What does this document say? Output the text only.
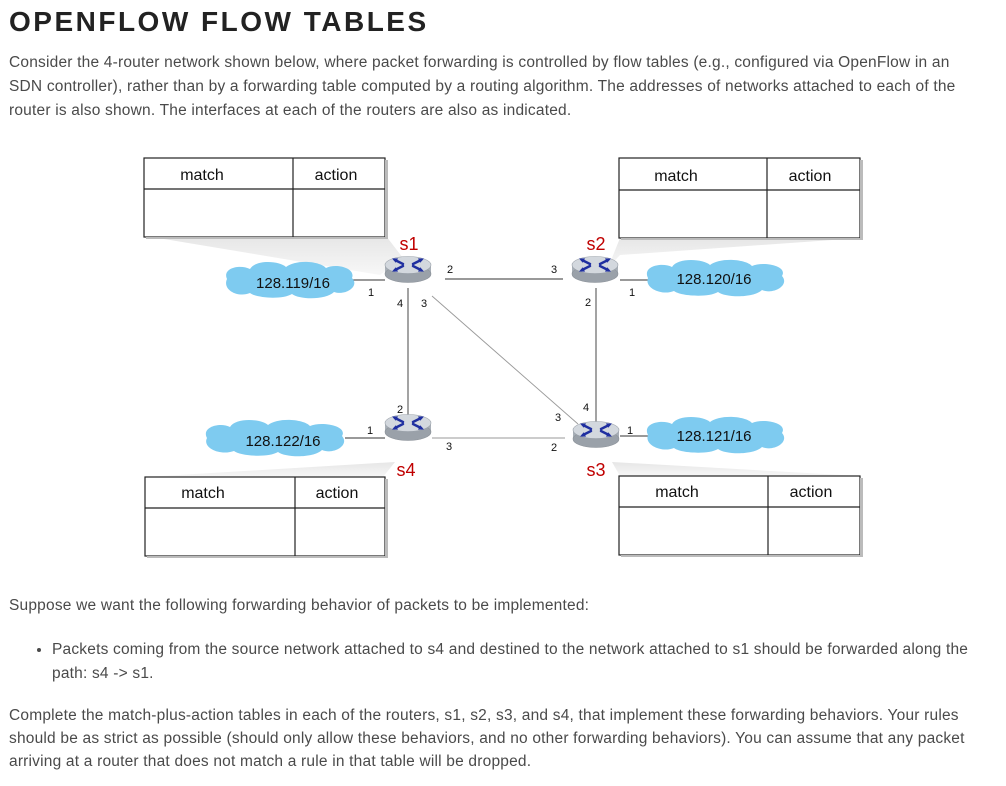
OPENFLOW FLOW TABLES

Consider the 4-router network shown below, where packet forwarding is controlled by flow tables (e.g., configured via OpenFlow in an SDN controller), rather than by a forwarding table computed by a routing algorithm. The addresses of networks attached to each of the router is also shown. The interfaces at each of the routers are also as indicated.

match	action	match	action
match	action	match	action
128.119/16	128.120/16
128.122/16	128.121/16
s1	s2
s4	s3
1
2
3
4
1
2
3
1
2
3
4
1
2
3

Suppose we want the following forwarding behavior of packets to be implemented:

• Packets coming from the source network attached to s4 and destined to the network attached to s1 should be forwarded along the path: s4 -> s1.

Complete the match-plus-action tables in each of the routers, s1, s2, s3, and s4, that implement these forwarding behaviors. Your rules should be as strict as possible (should only allow these behaviors, and no other forwarding behaviors). You can assume that any packet arriving at a router that does not match a rule in that table will be dropped.
